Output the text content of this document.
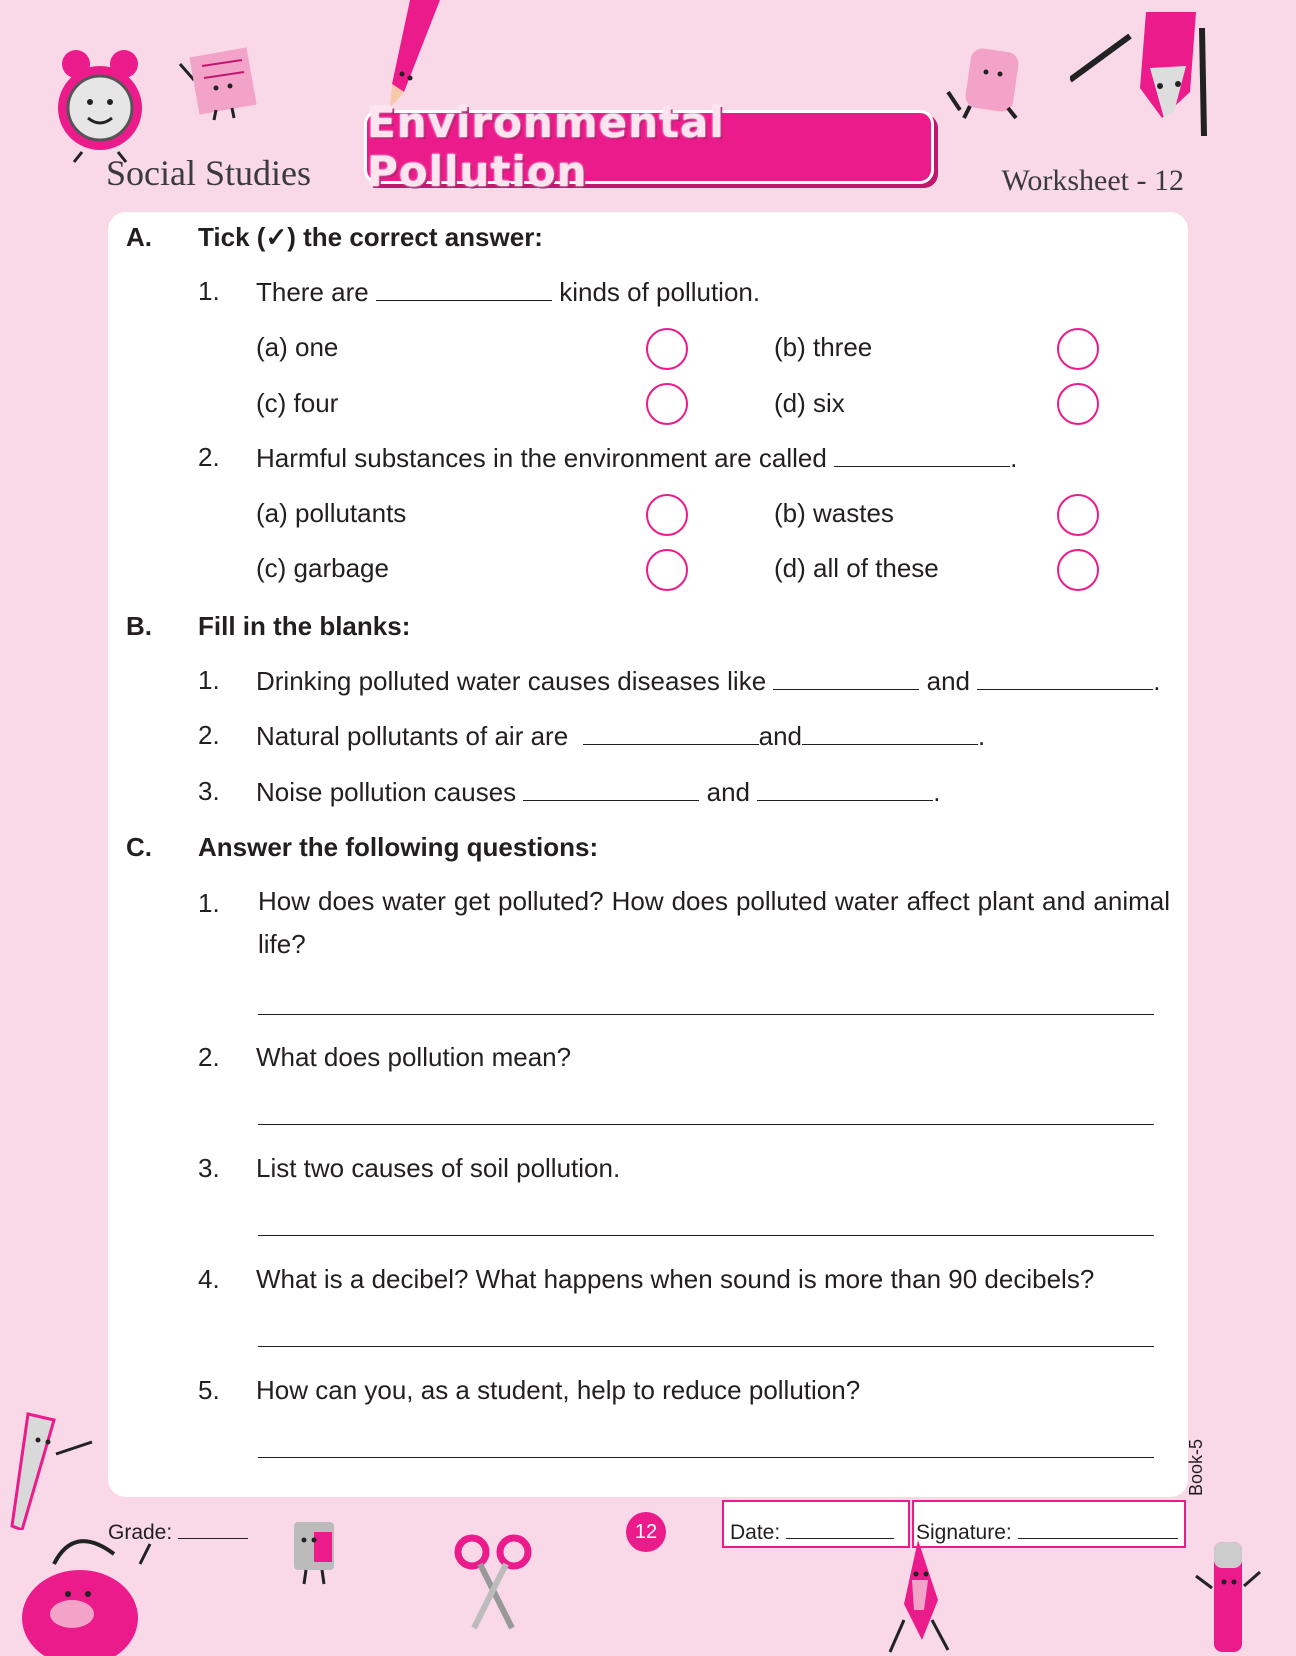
Social Studies
Environmental Pollution	Worksheet - 12
A. Tick (✓) the correct answer:
1. There are	kinds of pollution.
(a) one	(b) three
(c) four	(d) six
2. Harmful substances in the environment are called	.
(a) pollutants	(b) wastes
(c) garbage	(d) all of these
B. Fill in the blanks:
1. Drinking polluted water causes diseases like	and	.
2. Natural pollutants of air are	and	.
3. Noise pollution causes	and	.
C. Answer the following questions:
1. How does water get polluted? How does polluted water affect plant and animal life?
2. What does pollution mean?
3. List two causes of soil pollution.
4. What is a decibel? What happens when sound is more than 90 decibels?
5. How can you, as a student, help to reduce pollution?
Book-5
Grade:	12	Date:	Signature:
